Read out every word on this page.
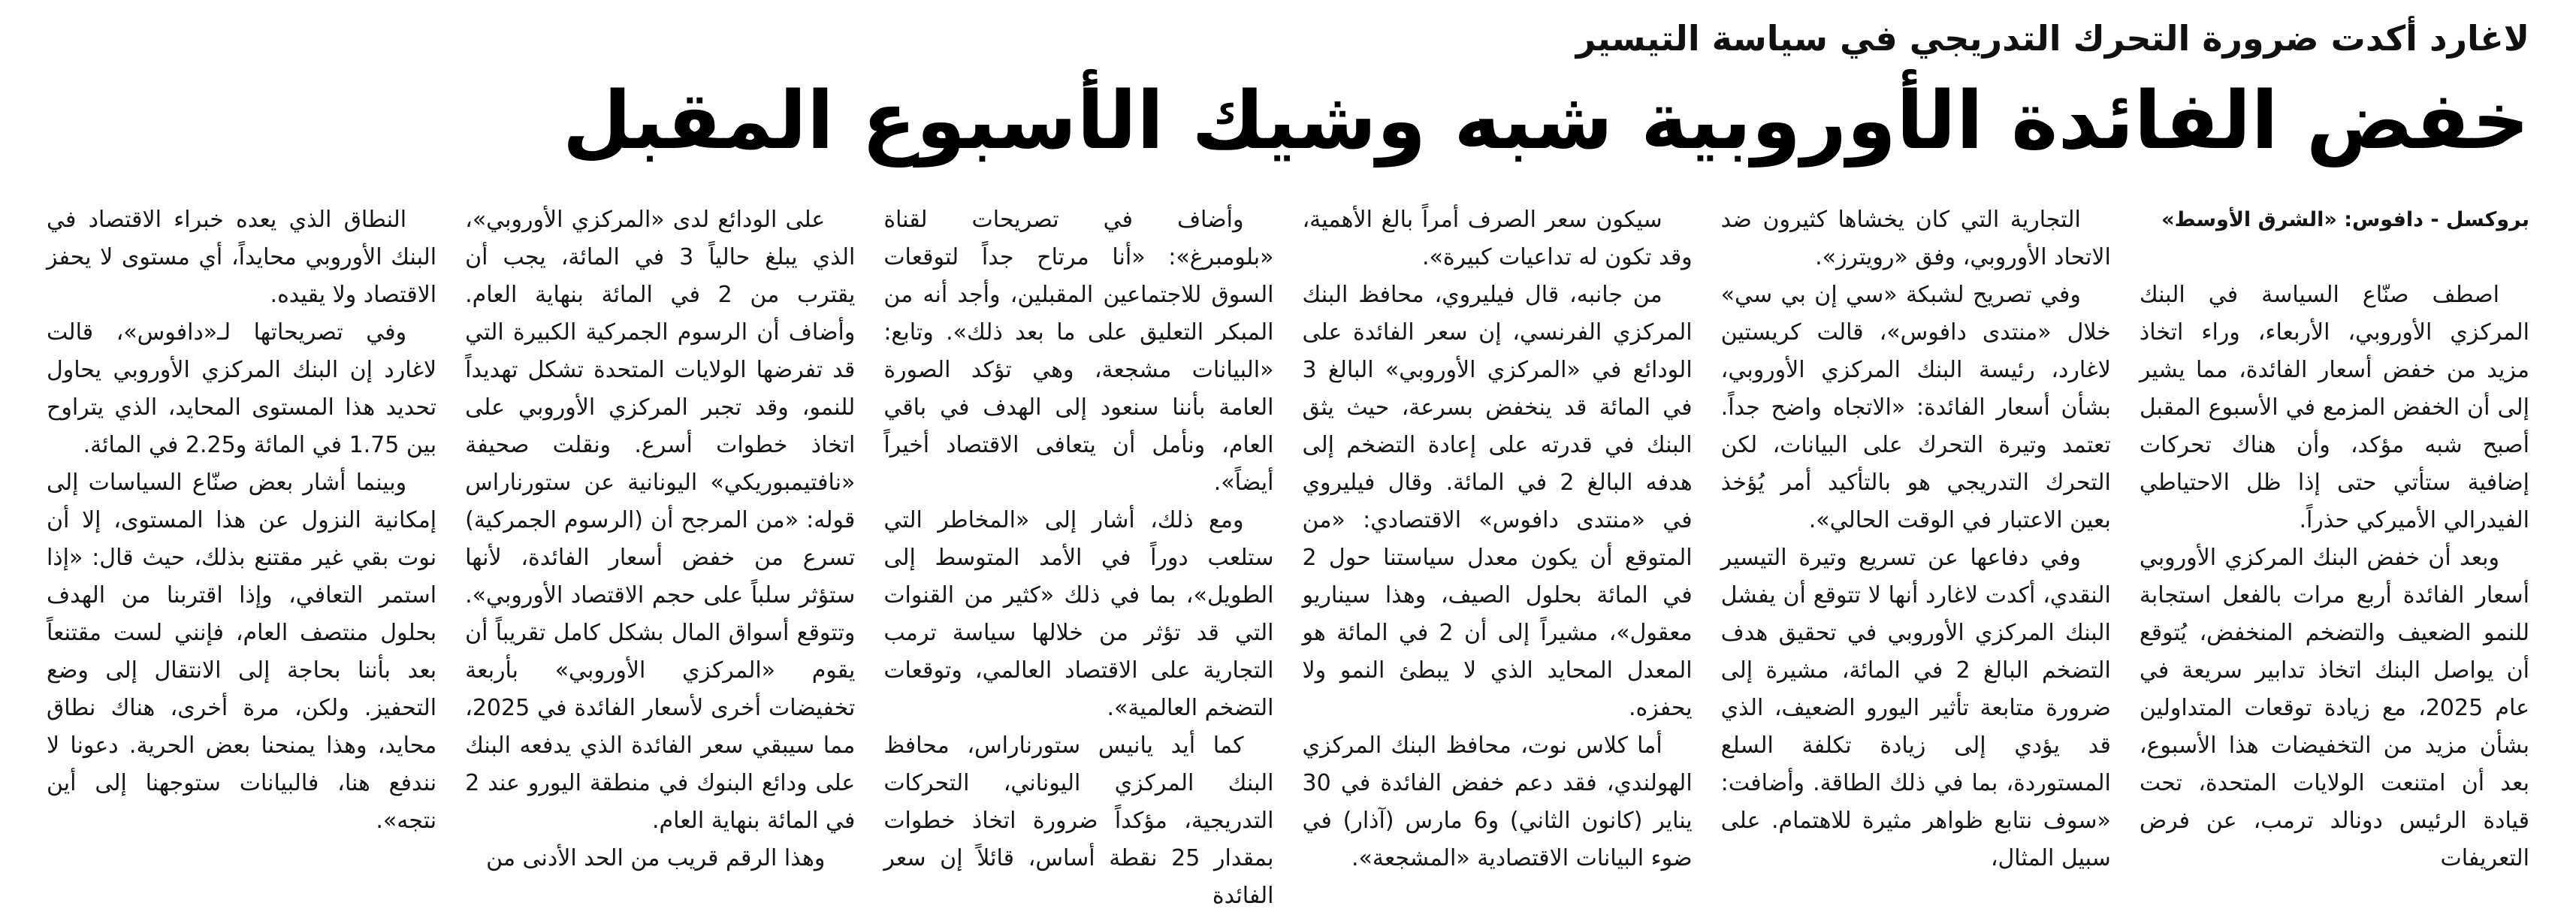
لاغارد أكدت ضرورة التحرك التدريجي في سياسة التيسير
خفض الفائدة الأوروبية شبه وشيك الأسبوع المقبل
بروكسل - دافوس: «الشرق الأوسط»

اصطف صنّاع السياسة في البنك المركزي الأوروبي، الأربعاء، وراء اتخاذ مزيد من خفض أسعار الفائدة، مما يشير إلى أن الخفض المزمع في الأسبوع المقبل أصبح شبه مؤكد، وأن هناك تحركات إضافية ستأتي حتى إذا ظل الاحتياطي الفيدرالي الأميركي حذراً.

وبعد أن خفض البنك المركزي الأوروبي أسعار الفائدة أربع مرات بالفعل استجابة للنمو الضعيف والتضخم المنخفض، يُتوقع أن يواصل البنك اتخاذ تدابير سريعة في عام 2025، مع زيادة توقعات المتداولين بشأن مزيد من التخفيضات هذا الأسبوع، بعد أن امتنعت الولايات المتحدة، تحت قيادة الرئيس دونالد ترمب، عن فرض التعريفات

التجارية التي كان يخشاها كثيرون ضد الاتحاد الأوروبي، وفق «رويترز».

وفي تصريح لشبكة «سي إن بي سي» خلال «منتدى دافوس»، قالت كريستين لاغارد، رئيسة البنك المركزي الأوروبي، بشأن أسعار الفائدة: «الاتجاه واضح جداً. تعتمد وتيرة التحرك على البيانات، لكن التحرك التدريجي هو بالتأكيد أمر يُؤخذ بعين الاعتبار في الوقت الحالي».

وفي دفاعها عن تسريع وتيرة التيسير النقدي، أكدت لاغارد أنها لا تتوقع أن يفشل البنك المركزي الأوروبي في تحقيق هدف التضخم البالغ 2 في المائة، مشيرة إلى ضرورة متابعة تأثير اليورو الضعيف، الذي قد يؤدي إلى زيادة تكلفة السلع المستوردة، بما في ذلك الطاقة. وأضافت: «سوف نتابع ظواهر مثيرة للاهتمام. على سبيل المثال،

سيكون سعر الصرف أمراً بالغ الأهمية، وقد تكون له تداعيات كبيرة».

من جانبه، قال فيليروي، محافظ البنك المركزي الفرنسي، إن سعر الفائدة على الودائع في «المركزي الأوروبي» البالغ 3 في المائة قد ينخفض بسرعة، حيث يثق البنك في قدرته على إعادة التضخم إلى هدفه البالغ 2 في المائة. وقال فيليروي في «منتدى دافوس» الاقتصادي: «من المتوقع أن يكون معدل سياستنا حول 2 في المائة بحلول الصيف، وهذا سيناريو معقول»، مشيراً إلى أن 2 في المائة هو المعدل المحايد الذي لا يبطئ النمو ولا يحفزه.

أما كلاس نوت، محافظ البنك المركزي الهولندي، فقد دعم خفض الفائدة في 30 يناير (كانون الثاني) و6 مارس (آذار) في ضوء البيانات الاقتصادية «المشجعة».

وأضاف في تصريحات لقناة «بلومبرغ»: «أنا مرتاح جداً لتوقعات السوق للاجتماعين المقبلين، وأجد أنه من المبكر التعليق على ما بعد ذلك». وتابع: «البيانات مشجعة، وهي تؤكد الصورة العامة بأننا سنعود إلى الهدف في باقي العام، ونأمل أن يتعافى الاقتصاد أخيراً أيضاً».

ومع ذلك، أشار إلى «المخاطر التي ستلعب دوراً في الأمد المتوسط إلى الطويل»، بما في ذلك «كثير من القنوات التي قد تؤثر من خلالها سياسة ترمب التجارية على الاقتصاد العالمي، وتوقعات التضخم العالمية».

كما أيد يانيس ستورناراس، محافظ البنك المركزي اليوناني، التحركات التدريجية، مؤكداً ضرورة اتخاذ خطوات بمقدار 25 نقطة أساس، قائلاً إن سعر الفائدة

على الودائع لدى «المركزي الأوروبي»، الذي يبلغ حالياً 3 في المائة، يجب أن يقترب من 2 في المائة بنهاية العام. وأضاف أن الرسوم الجمركية الكبيرة التي قد تفرضها الولايات المتحدة تشكل تهديداً للنمو، وقد تجبر المركزي الأوروبي على اتخاذ خطوات أسرع. ونقلت صحيفة «نافتيمبوريكي» اليونانية عن ستورناراس قوله: «من المرجح أن (الرسوم الجمركية) تسرع من خفض أسعار الفائدة، لأنها ستؤثر سلباً على حجم الاقتصاد الأوروبي». وتتوقع أسواق المال بشكل كامل تقريباً أن يقوم «المركزي الأوروبي» بأربعة تخفيضات أخرى لأسعار الفائدة في 2025، مما سيبقي سعر الفائدة الذي يدفعه البنك على ودائع البنوك في منطقة اليورو عند 2 في المائة بنهاية العام.

وهذا الرقم قريب من الحد الأدنى من

النطاق الذي يعده خبراء الاقتصاد في البنك الأوروبي محايداً، أي مستوى لا يحفز الاقتصاد ولا يقيده.

وفي تصريحاتها لـ«دافوس»، قالت لاغارد إن البنك المركزي الأوروبي يحاول تحديد هذا المستوى المحايد، الذي يتراوح بين 1.75 في المائة و2.25 في المائة.

وبينما أشار بعض صنّاع السياسات إلى إمكانية النزول عن هذا المستوى، إلا أن نوت بقي غير مقتنع بذلك، حيث قال: «إذا استمر التعافي، وإذا اقتربنا من الهدف بحلول منتصف العام، فإنني لست مقتنعاً بعد بأننا بحاجة إلى الانتقال إلى وضع التحفيز. ولكن، مرة أخرى، هناك نطاق محايد، وهذا يمنحنا بعض الحرية. دعونا لا نندفع هنا، فالبيانات ستوجهنا إلى أين نتجه».
